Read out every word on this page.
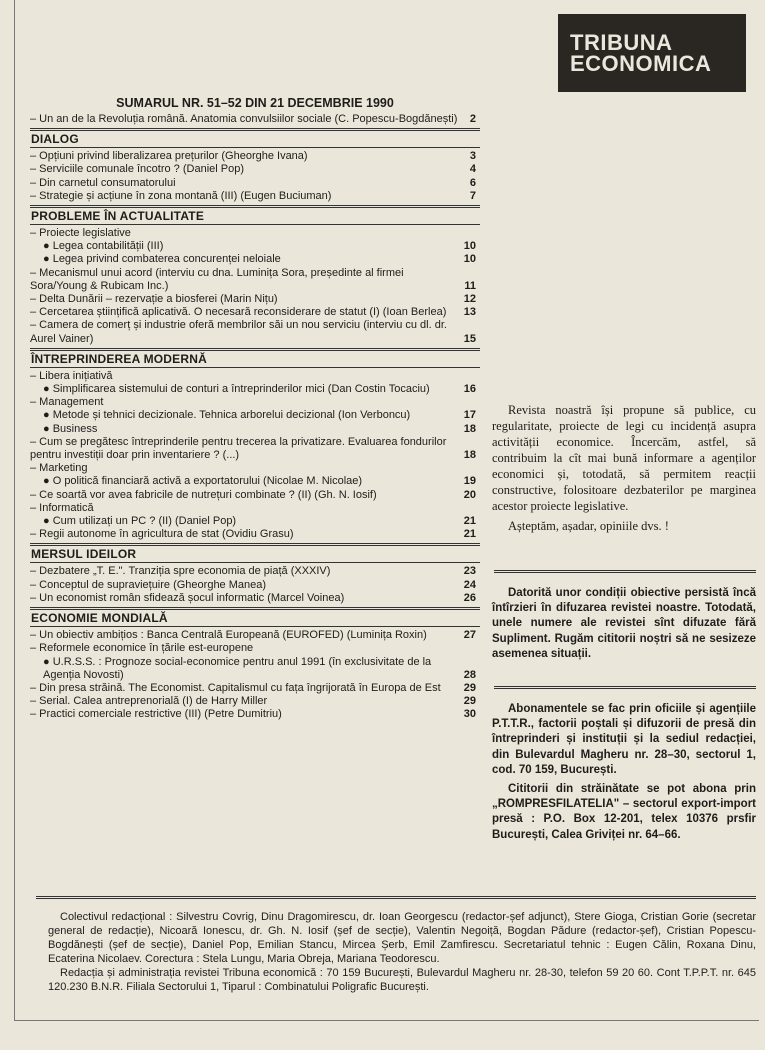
TRIBUNA
ECONOMICA
SUMARUL NR. 51–52 DIN 21 DECEMBRIE 1990
– Un an de la Revoluția română. Anatomia convulsiilor sociale (C. Popescu-Bogdănești) 2
DIALOG
– Opțiuni privind liberalizarea prețurilor (Gheorghe Ivana)	3
– Serviciile comunale încotro ? (Daniel Pop)	4
– Din carnetul consumatorului	6
– Strategie și acțiune în zona montană (III) (Eugen Buciuman)	7
PROBLEME ÎN ACTUALITATE
– Proiecte legislative
● Legea contabilității (III)	10
● Legea privind combaterea concurenței neloiale	10
– Mecanismul unui acord (interviu cu dna. Luminița Sora, președinte al firmei Sora/Young & Rubicam Inc.)	11
– Delta Dunării – rezervație a biosferei (Marin Nițu)	12
– Cercetarea științifică aplicativă. O necesară reconsiderare de statut (I) (Ioan Berlea)	13
– Camera de comerț și industrie oferă membrilor săi un nou serviciu (interviu cu dl. dr. Aurel Vainer)	15
ÎNTREPRINDEREA MODERNĂ
– Libera inițiativă
● Simplificarea sistemului de conturi a întreprinderilor mici (Dan Costin Tocaciu)	16
– Management
● Metode și tehnici decizionale. Tehnica arborelui decizional (Ion Verboncu)	17
● Business	18
– Cum se pregătesc întreprinderile pentru trecerea la privatizare. Evaluarea fondurilor pentru investiții doar prin inventariere ? (...)	18
– Marketing
● O politică financiară activă a exportatorului (Nicolae M. Nicolae)	19
– Ce soartă vor avea fabricile de nutrețuri combinate ? (II) (Gh. N. Iosif)	20
– Informatică
● Cum utilizați un PC ? (II) (Daniel Pop)	21
– Regii autonome în agricultura de stat (Ovidiu Grasu)	21
MERSUL IDEILOR
– Dezbatere „T. E.". Tranziția spre economia de piață (XXXIV)	23
– Conceptul de supraviețuire (Gheorghe Manea)	24
– Un economist român sfidează șocul informatic (Marcel Voinea)	26
ECONOMIE MONDIALĂ
– Un obiectiv ambițios : Banca Centrală Europeană (EUROFED) (Luminița Roxin)	27
– Reformele economice în țările est-europene
● U.R.S.S. : Prognoze social-economice pentru anul 1991 (în exclusivitate de la Agenția Novosti)	28
– Din presa străină. The Economist. Capitalismul cu fața îngrijorată în Europa de Est	29
– Serial. Calea antreprenorială (I) de Harry Miller	29
– Practici comerciale restrictive (III) (Petre Dumitriu)	30

Revista noastră își propune să publice, cu regularitate, proiecte de legi cu incidență asupra activității economice. Încercăm, astfel, să contribuim la cît mai bună informare a agenților economici și, totodată, să permitem reacții constructive, folositoare dezbaterilor pe marginea acestor proiecte legislative.

Așteptăm, așadar, opiniile dvs. !

Datorită unor condiții obiective persistă încă întîrzieri în difuzarea revistei noastre. Totodată, unele numere ale revistei sînt difuzate fără Supliment. Rugăm cititorii noștri să ne sesizeze asemenea situații.

Abonamentele se fac prin oficiile și agențiile P.T.T.R., factorii poștali și difuzorii de presă din întreprinderi și instituții și la sediul redacției, din Bulevardul Magheru nr. 28–30, sectorul 1, cod. 70 159, București.

Cititorii din străinătate se pot abona prin „ROMPRESFILATELIA" – sectorul export-import presă : P.O. Box 12-201, telex 10376 prsfir București, Calea Griviței nr. 64–66.

Colectivul redacțional : Silvestru Covrig, Dinu Dragomirescu, dr. Ioan Georgescu (redactor-șef adjunct), Stere Gioga, Cristian Gorie (secretar general de redacție), Nicoară Ionescu, dr. Gh. N. Iosif (șef de secție), Valentin Negoiță, Bogdan Pădure (redactor-șef), Cristian Popescu-Bogdănești (șef de secție), Daniel Pop, Emilian Stancu, Mircea Șerb, Emil Zamfirescu. Secretariatul tehnic : Eugen Călin, Roxana Dinu, Ecaterina Nicolaev. Corectura : Stela Lungu, Maria Obreja, Mariana Teodorescu.

Redacția și administrația revistei Tribuna economică : 70 159 București, Bulevardul Magheru nr. 28-30, telefon 59 20 60. Cont T.P.P.T. nr. 645 120.230 B.N.R. Filiala Sectorului 1, Tiparul : Combinatului Poligrafic București.
